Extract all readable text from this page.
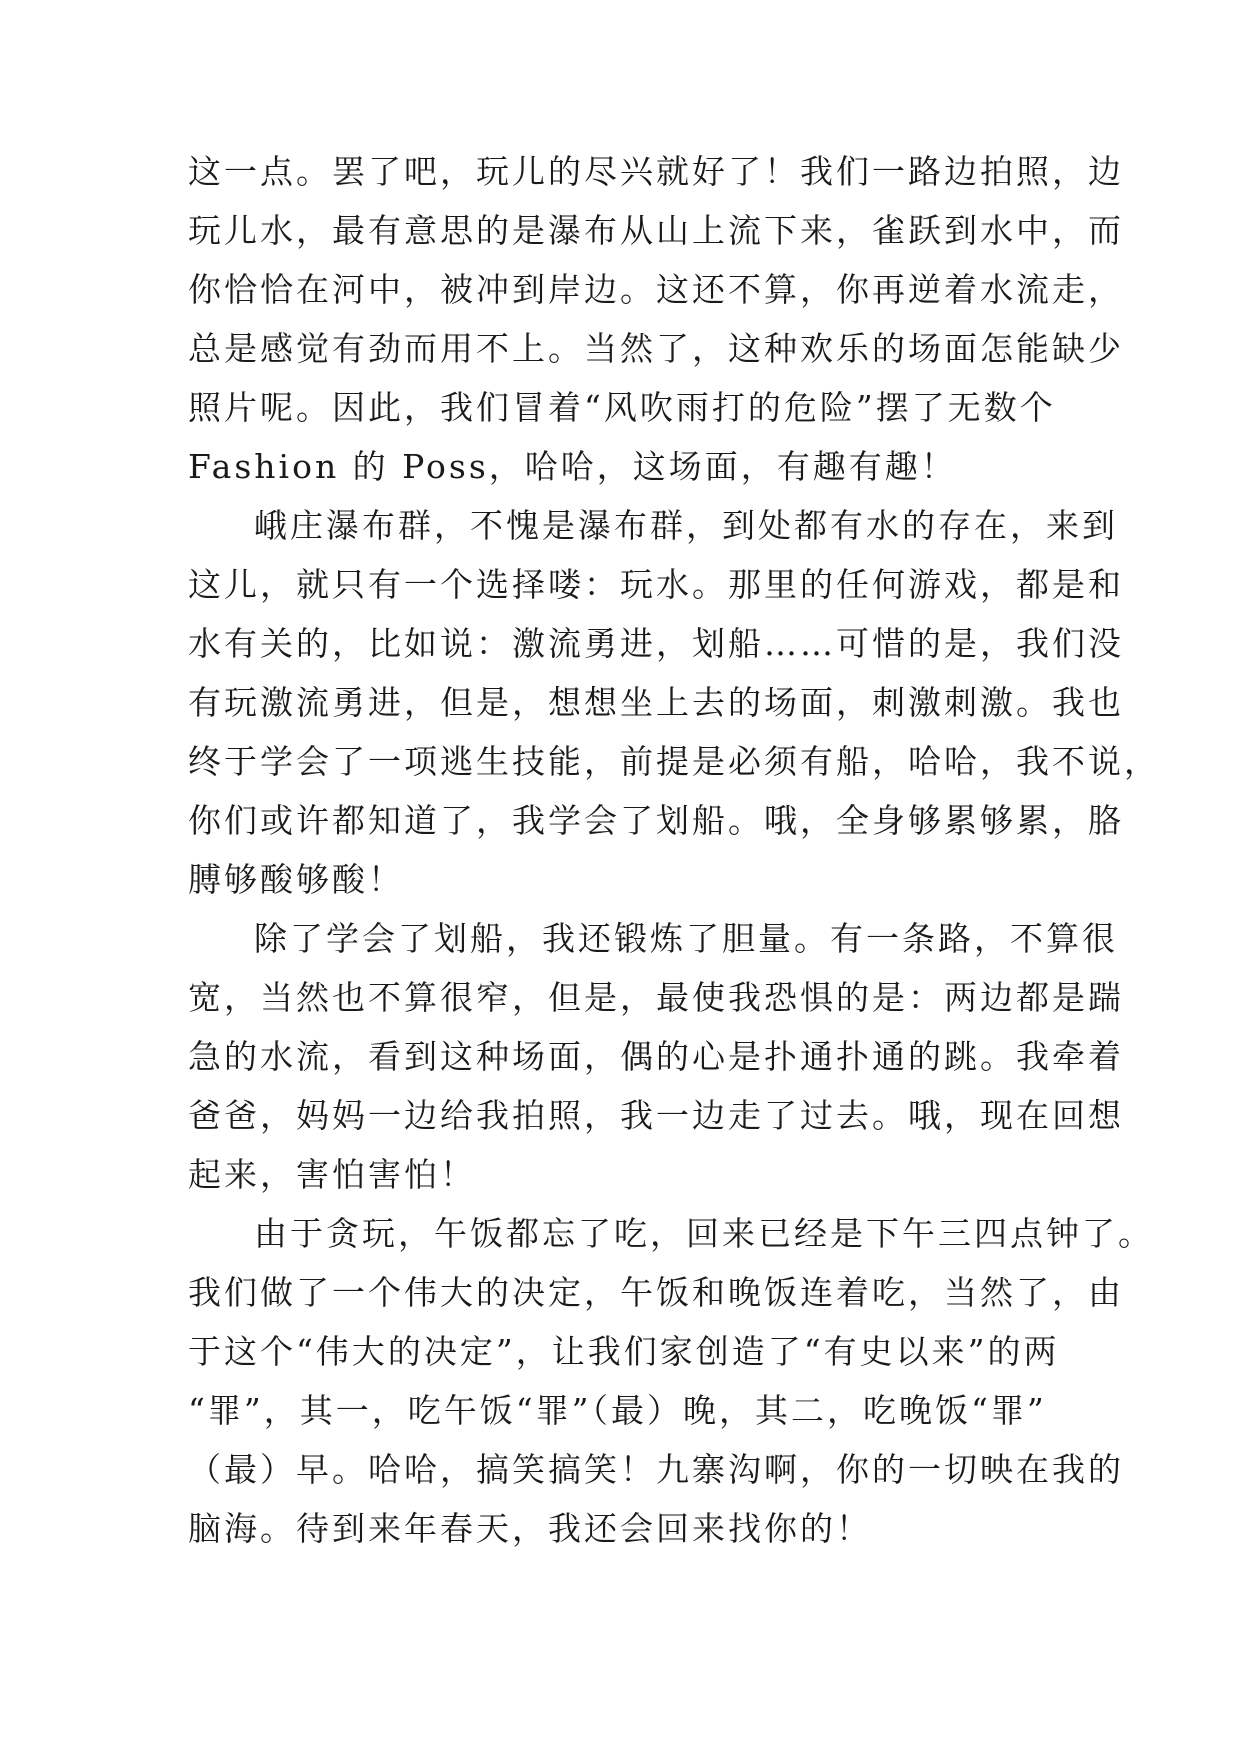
这一点。罢了吧，玩儿的尽兴就好了！我们一路边拍照，边
玩儿水，最有意思的是瀑布从山上流下来，雀跃到水中，而
你恰恰在河中，被冲到岸边。这还不算，你再逆着水流走，
总是感觉有劲而用不上。当然了，这种欢乐的场面怎能缺少
照片呢。因此，我们冒着“风吹雨打的危险”摆了无数个
Fashion 的 Poss，哈哈，这场面，有趣有趣！
峨庄瀑布群，不愧是瀑布群，到处都有水的存在，来到
这儿，就只有一个选择喽：玩水。那里的任何游戏，都是和
水有关的，比如说：激流勇进，划船……可惜的是，我们没
有玩激流勇进，但是，想想坐上去的场面，刺激刺激。我也
终于学会了一项逃生技能，前提是必须有船，哈哈，我不说，
你们或许都知道了，我学会了划船。哦，全身够累够累，胳
膊够酸够酸！
除了学会了划船，我还锻炼了胆量。有一条路，不算很
宽，当然也不算很窄，但是，最使我恐惧的是：两边都是踹
急的水流，看到这种场面，偶的心是扑通扑通的跳。我牵着
爸爸，妈妈一边给我拍照，我一边走了过去。哦，现在回想
起来，害怕害怕！
由于贪玩，午饭都忘了吃，回来已经是下午三四点钟了。
我们做了一个伟大的决定，午饭和晚饭连着吃，当然了，由
于这个“伟大的决定”，让我们家创造了“有史以来”的两
“罪”，其一，吃午饭“罪”（最）晚，其二，吃晚饭“罪”
（最）早。哈哈，搞笑搞笑！九寨沟啊，你的一切映在我的
脑海。待到来年春天，我还会回来找你的！
